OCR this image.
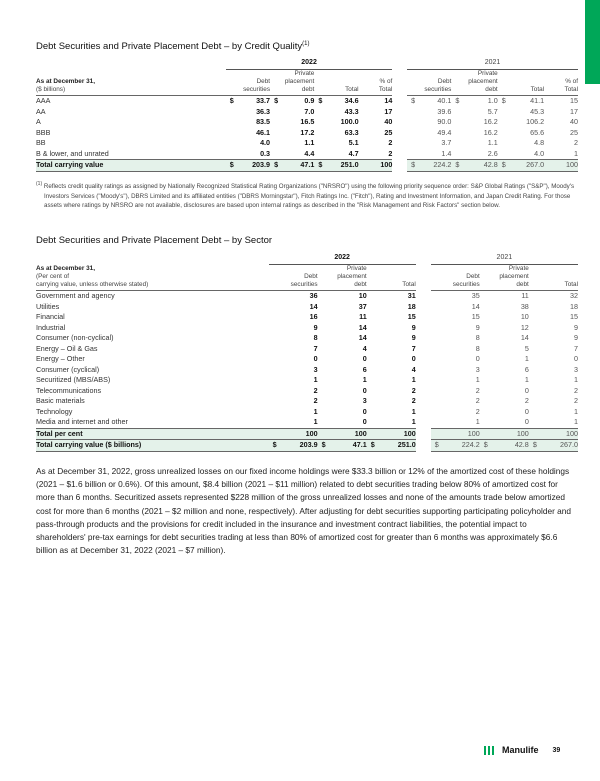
Debt Securities and Private Placement Debt – by Credit Quality$^{(1)}$
	2022								2021						
As at December 31,
($ billions)	Debt
securities		Private
placement
debt		Total		% of
Total		Debt
securities		Private
placement
debt		Total		% of
Total
AAA	$	33.7	$	0.9	$	34.6	14		$	40.1	$	1.0	$	41.1	15
AA		36.3		7.0		43.3	17			39.6		5.7		45.3	17
A		83.5		16.5		100.0	40			90.0		16.2		106.2	40
BBB		46.1		17.2		63.3	25			49.4		16.2		65.6	25
BB		4.0		1.1		5.1	2			3.7		1.1		4.8	2
B & lower, and unrated		0.3		4.4		4.7	2			1.4		2.6		4.0	1
Total carrying value	$	203.9	$	47.1	$	251.0	100		$	224.2	$	42.8	$	267.0	100

$^{(1)}$ Reflects credit quality ratings as assigned by Nationally Recognized Statistical Rating Organizations ("NRSRO") using the following priority sequence order: S&P Global Ratings ("S&P"), Moody's Investors Services ("Moody's"), DBRS Limited and its affiliated entities ("DBRS Morningstar"), Fitch Ratings Inc. ("Fitch"), Rating and Investment Information, and Japan Credit Rating. For those assets where ratings by NRSRO are not available, disclosures are based upon internal ratings as described in the "Risk Management and Risk Factors" section below.

Debt Securities and Private Placement Debt – by Sector
	2022							2021					
As at December 31,
(Per cent of
carrying value, unless otherwise stated)	Debt
securities		Private
placement
debt		Total			Debt
securities		Private
placement
debt		Total	
Government and agency		36		10		31			35		11		32
Utilities		14		37		18			14		38		18
Financial		16		11		15			15		10		15
Industrial		9		14		9			9		12		9
Consumer (non-cyclical)		8		14		9			8		14		9
Energy – Oil & Gas		7		4		7			8		5		7
Energy – Other		0		0		0			0		1		0
Consumer (cyclical)		3		6		4			3		6		3
Securitized (MBS/ABS)		1		1		1			1		1		1
Telecommunications		2		0		2			2		0		2
Basic materials		2		3		2			2		2		2
Technology		1		0		1			2		0		1
Media and internet and other		1		0		1			1		0		1
Total per cent		100		100		100			100		100		100
Total carrying value ($ billions)	$	203.9	$	47.1	$	251.0		$	224.2	$	42.8	$	267.0

As at December 31, 2022, gross unrealized losses on our fixed income holdings were $33.3 billion or 12% of the amortized cost of these holdings (2021 – $1.6 billion or 0.6%). Of this amount, $8.4 billion (2021 – $11 million) related to debt securities trading below 80% of amortized cost for more than 6 months. Securitized assets represented $228 million of the gross unrealized losses and none of the amounts trade below amortized cost for more than 6 months (2021 – $2 million and none, respectively). After adjusting for debt securities supporting participating policyholder and pass-through products and the provisions for credit included in the insurance and investment contract liabilities, the potential impact to shareholders' pre-tax earnings for debt securities trading at less than 80% of amortized cost for greater than 6 months was approximately $6.6 billion as at December 31, 2022 (2021 – $7 million).

Manulife 39
